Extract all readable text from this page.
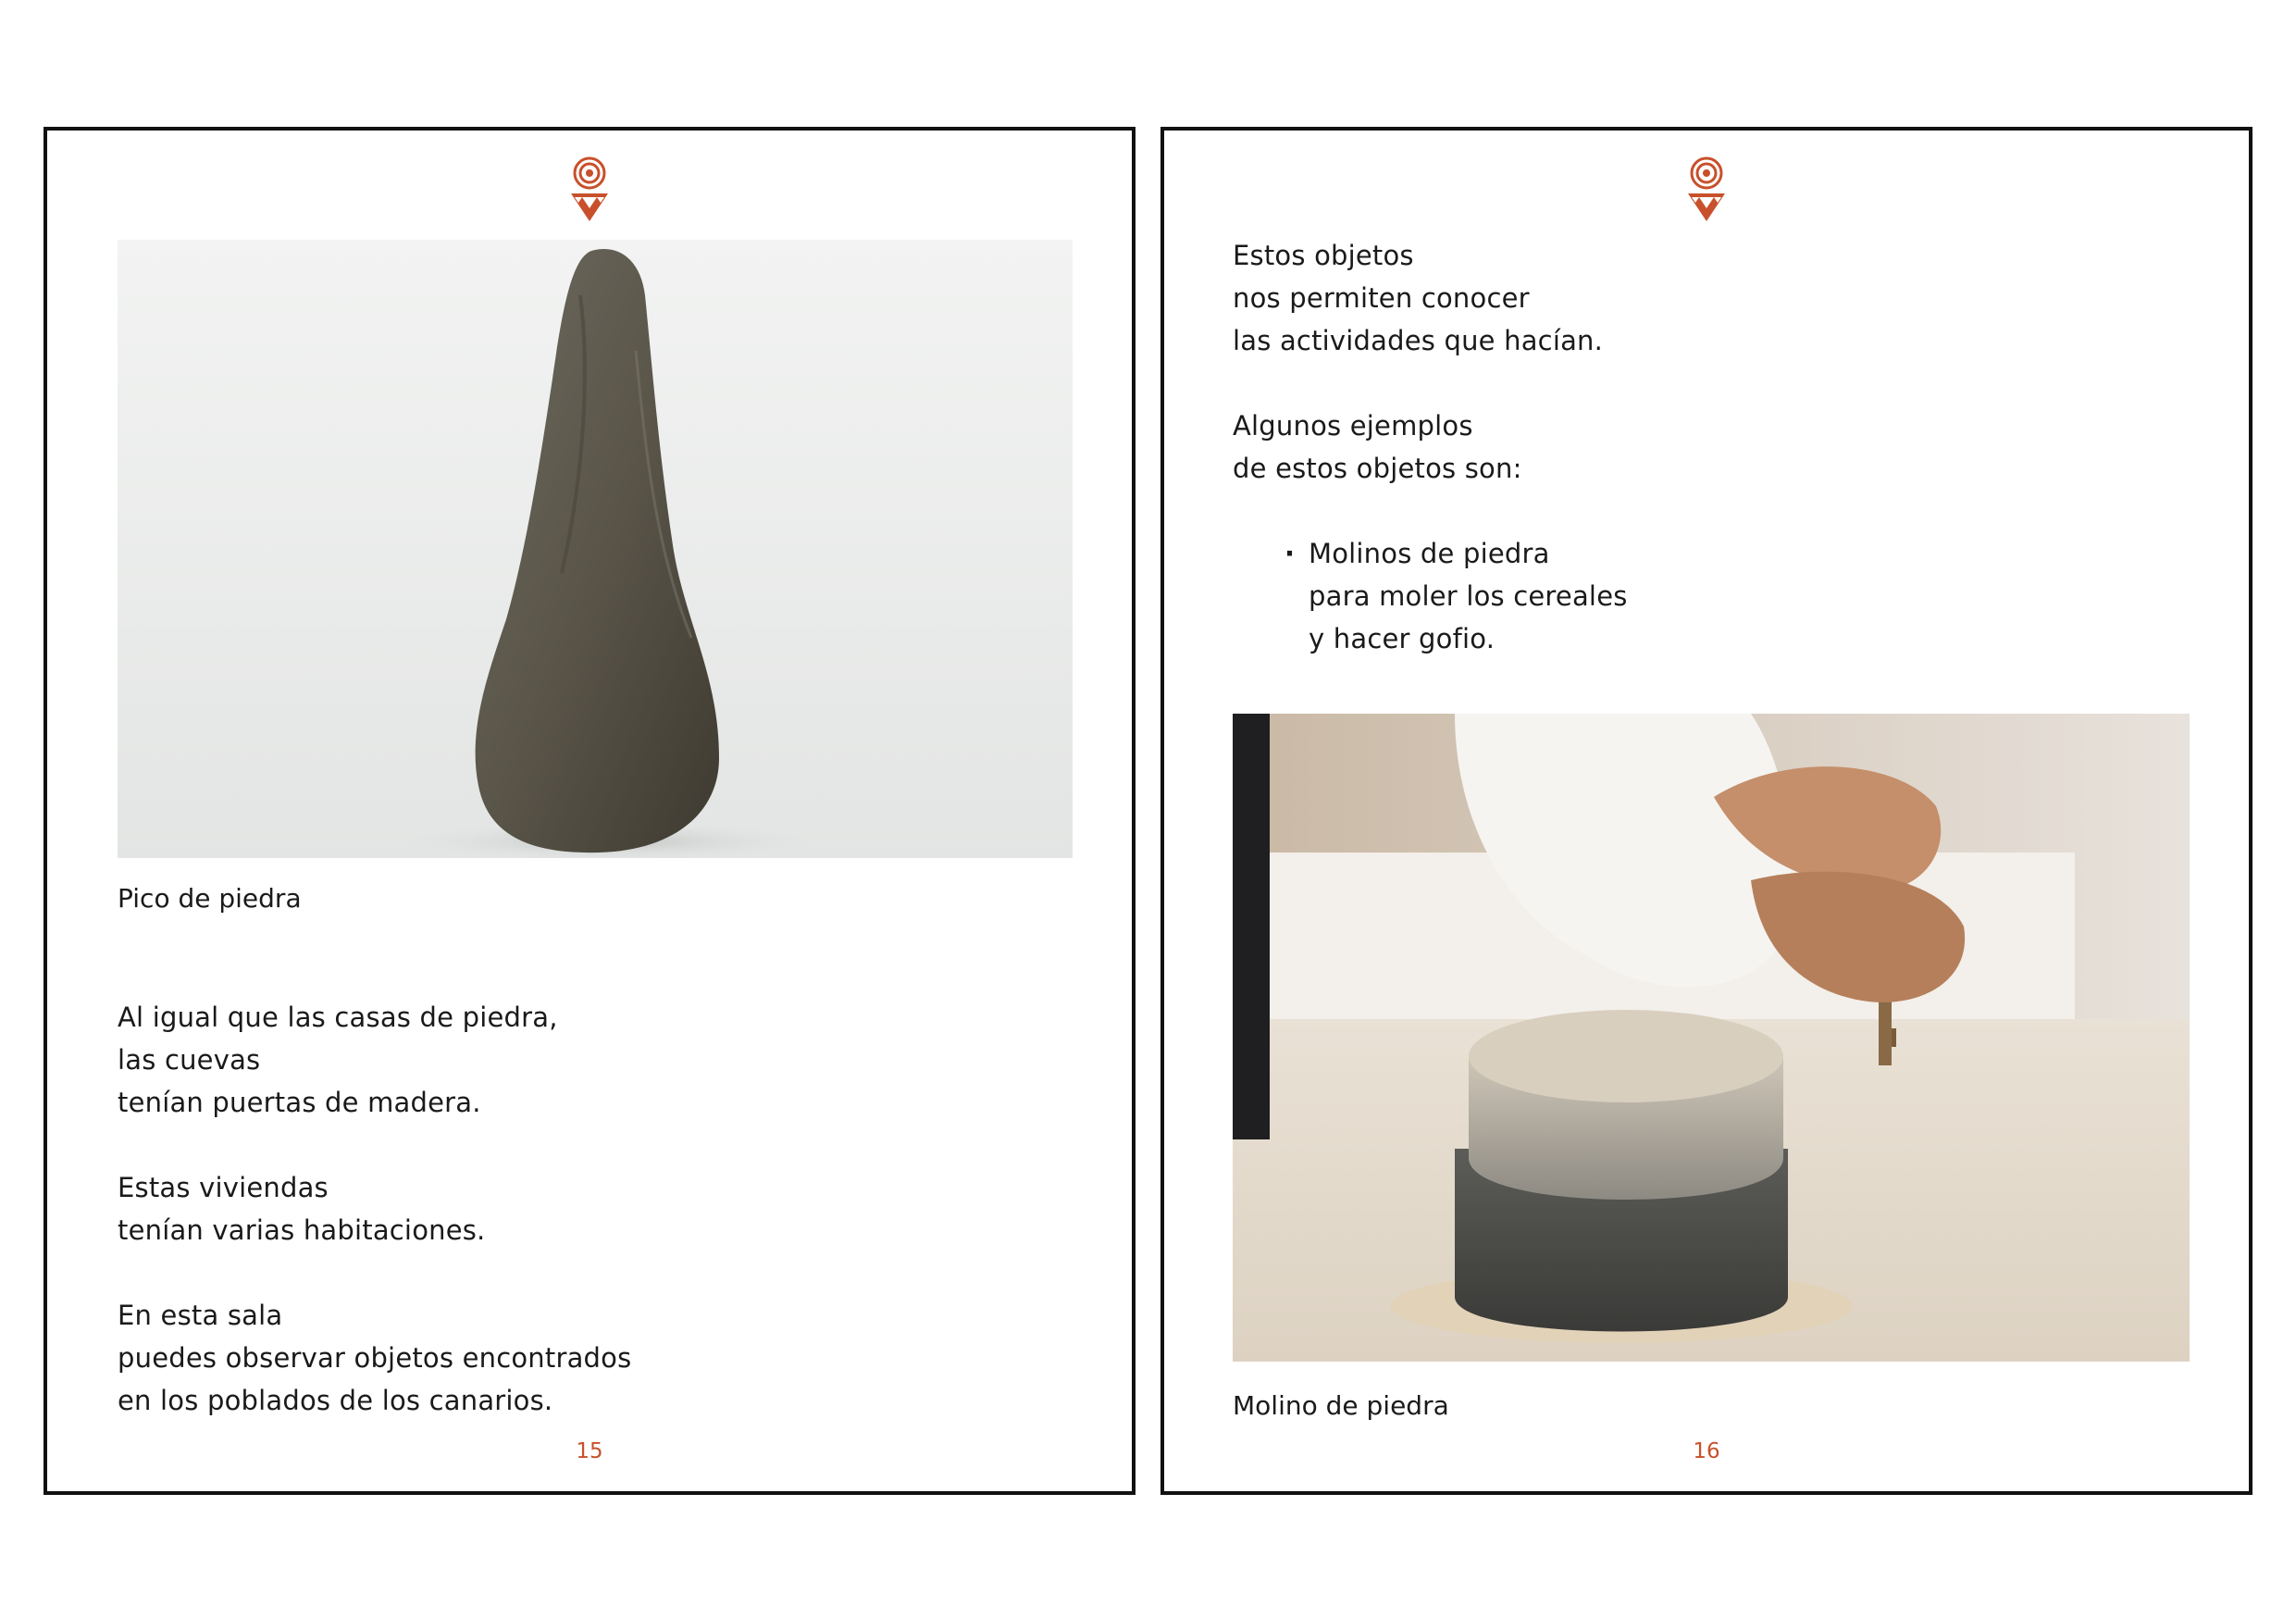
Pico de piedra

Al igual que las casas de piedra,

las cuevas

tenían puertas de madera.

Estas viviendas

tenían varias habitaciones.

En esta sala

puedes observar objetos encontrados

en los poblados de los canarios.

15

Estos objetos

nos permiten conocer

las actividades que hacían.

Algunos ejemplos

de estos objetos son:

· Molinos de piedra

para moler los cereales

y hacer gofio.

Molino de piedra
16
